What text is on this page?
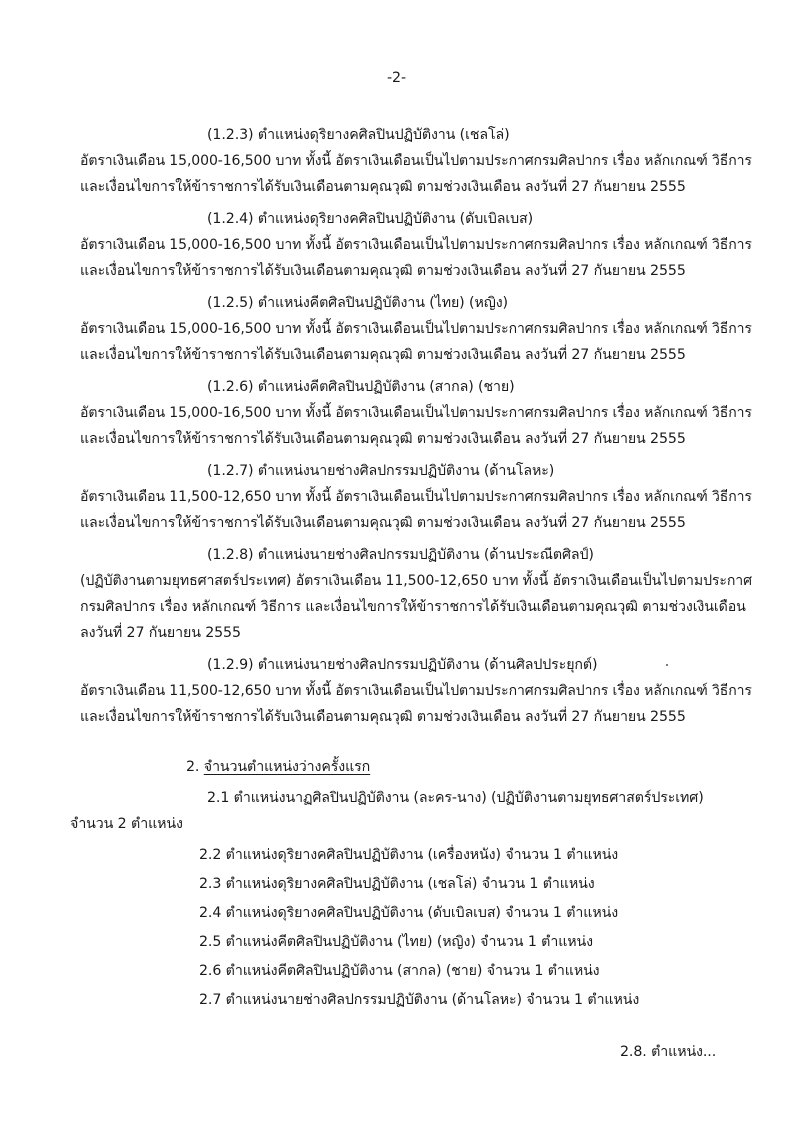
-2-
(1.2.3) ตำแหน่งดุริยางคศิลปินปฏิบัติงาน (เชลโล่)
อัตราเงินเดือน 15,000-16,500 บาท ทั้งนี้ อัตราเงินเดือนเป็นไปตามประกาศกรมศิลปากร เรื่อง หลักเกณฑ์ วิธีการ
และเงื่อนไขการให้ข้าราชการได้รับเงินเดือนตามคุณวุฒิ ตามช่วงเงินเดือน ลงวันที่ 27 กันยายน 2555
(1.2.4) ตำแหน่งดุริยางคศิลปินปฏิบัติงาน (ดับเบิลเบส)
อัตราเงินเดือน 15,000-16,500 บาท ทั้งนี้ อัตราเงินเดือนเป็นไปตามประกาศกรมศิลปากร เรื่อง หลักเกณฑ์ วิธีการ
และเงื่อนไขการให้ข้าราชการได้รับเงินเดือนตามคุณวุฒิ ตามช่วงเงินเดือน ลงวันที่ 27 กันยายน 2555
(1.2.5) ตำแหน่งคีตศิลปินปฏิบัติงาน (ไทย) (หญิง)
อัตราเงินเดือน 15,000-16,500 บาท ทั้งนี้ อัตราเงินเดือนเป็นไปตามประกาศกรมศิลปากร เรื่อง หลักเกณฑ์ วิธีการ
และเงื่อนไขการให้ข้าราชการได้รับเงินเดือนตามคุณวุฒิ ตามช่วงเงินเดือน ลงวันที่ 27 กันยายน 2555
(1.2.6) ตำแหน่งคีตศิลปินปฏิบัติงาน (สากล) (ชาย)
อัตราเงินเดือน 15,000-16,500 บาท ทั้งนี้ อัตราเงินเดือนเป็นไปตามประกาศกรมศิลปากร เรื่อง หลักเกณฑ์ วิธีการ
และเงื่อนไขการให้ข้าราชการได้รับเงินเดือนตามคุณวุฒิ ตามช่วงเงินเดือน ลงวันที่ 27 กันยายน 2555
(1.2.7) ตำแหน่งนายช่างศิลปกรรมปฏิบัติงาน (ด้านโลหะ)
อัตราเงินเดือน 11,500-12,650 บาท ทั้งนี้ อัตราเงินเดือนเป็นไปตามประกาศกรมศิลปากร เรื่อง หลักเกณฑ์ วิธีการ
และเงื่อนไขการให้ข้าราชการได้รับเงินเดือนตามคุณวุฒิ ตามช่วงเงินเดือน ลงวันที่ 27 กันยายน 2555
(1.2.8) ตำแหน่งนายช่างศิลปกรรมปฏิบัติงาน (ด้านประณีตศิลป์)
(ปฏิบัติงานตามยุทธศาสตร์ประเทศ) อัตราเงินเดือน 11,500-12,650 บาท ทั้งนี้ อัตราเงินเดือนเป็นไปตามประกาศ
กรมศิลปากร เรื่อง หลักเกณฑ์ วิธีการ และเงื่อนไขการให้ข้าราชการได้รับเงินเดือนตามคุณวุฒิ ตามช่วงเงินเดือน
ลงวันที่ 27 กันยายน 2555
(1.2.9) ตำแหน่งนายช่างศิลปกรรมปฏิบัติงาน (ด้านศิลปประยุกต์)
อัตราเงินเดือน 11,500-12,650 บาท ทั้งนี้ อัตราเงินเดือนเป็นไปตามประกาศกรมศิลปากร เรื่อง หลักเกณฑ์ วิธีการ
และเงื่อนไขการให้ข้าราชการได้รับเงินเดือนตามคุณวุฒิ ตามช่วงเงินเดือน ลงวันที่ 27 กันยายน 2555
2. จำนวนตำแหน่งว่างครั้งแรก
2.1 ตำแหน่งนาฏศิลปินปฏิบัติงาน (ละคร-นาง) (ปฏิบัติงานตามยุทธศาสตร์ประเทศ)
จำนวน 2 ตำแหน่ง
2.2 ตำแหน่งดุริยางคศิลปินปฏิบัติงาน (เครื่องหนัง) จำนวน 1 ตำแหน่ง
2.3 ตำแหน่งดุริยางคศิลปินปฏิบัติงาน (เชลโล่) จำนวน 1 ตำแหน่ง
2.4 ตำแหน่งดุริยางคศิลปินปฏิบัติงาน (ดับเบิลเบส) จำนวน 1 ตำแหน่ง
2.5 ตำแหน่งคีตศิลปินปฏิบัติงาน (ไทย) (หญิง) จำนวน 1 ตำแหน่ง
2.6 ตำแหน่งคีตศิลปินปฏิบัติงาน (สากล) (ชาย) จำนวน 1 ตำแหน่ง
2.7 ตำแหน่งนายช่างศิลปกรรมปฏิบัติงาน (ด้านโลหะ) จำนวน 1 ตำแหน่ง
2.8. ตำแหน่ง...
